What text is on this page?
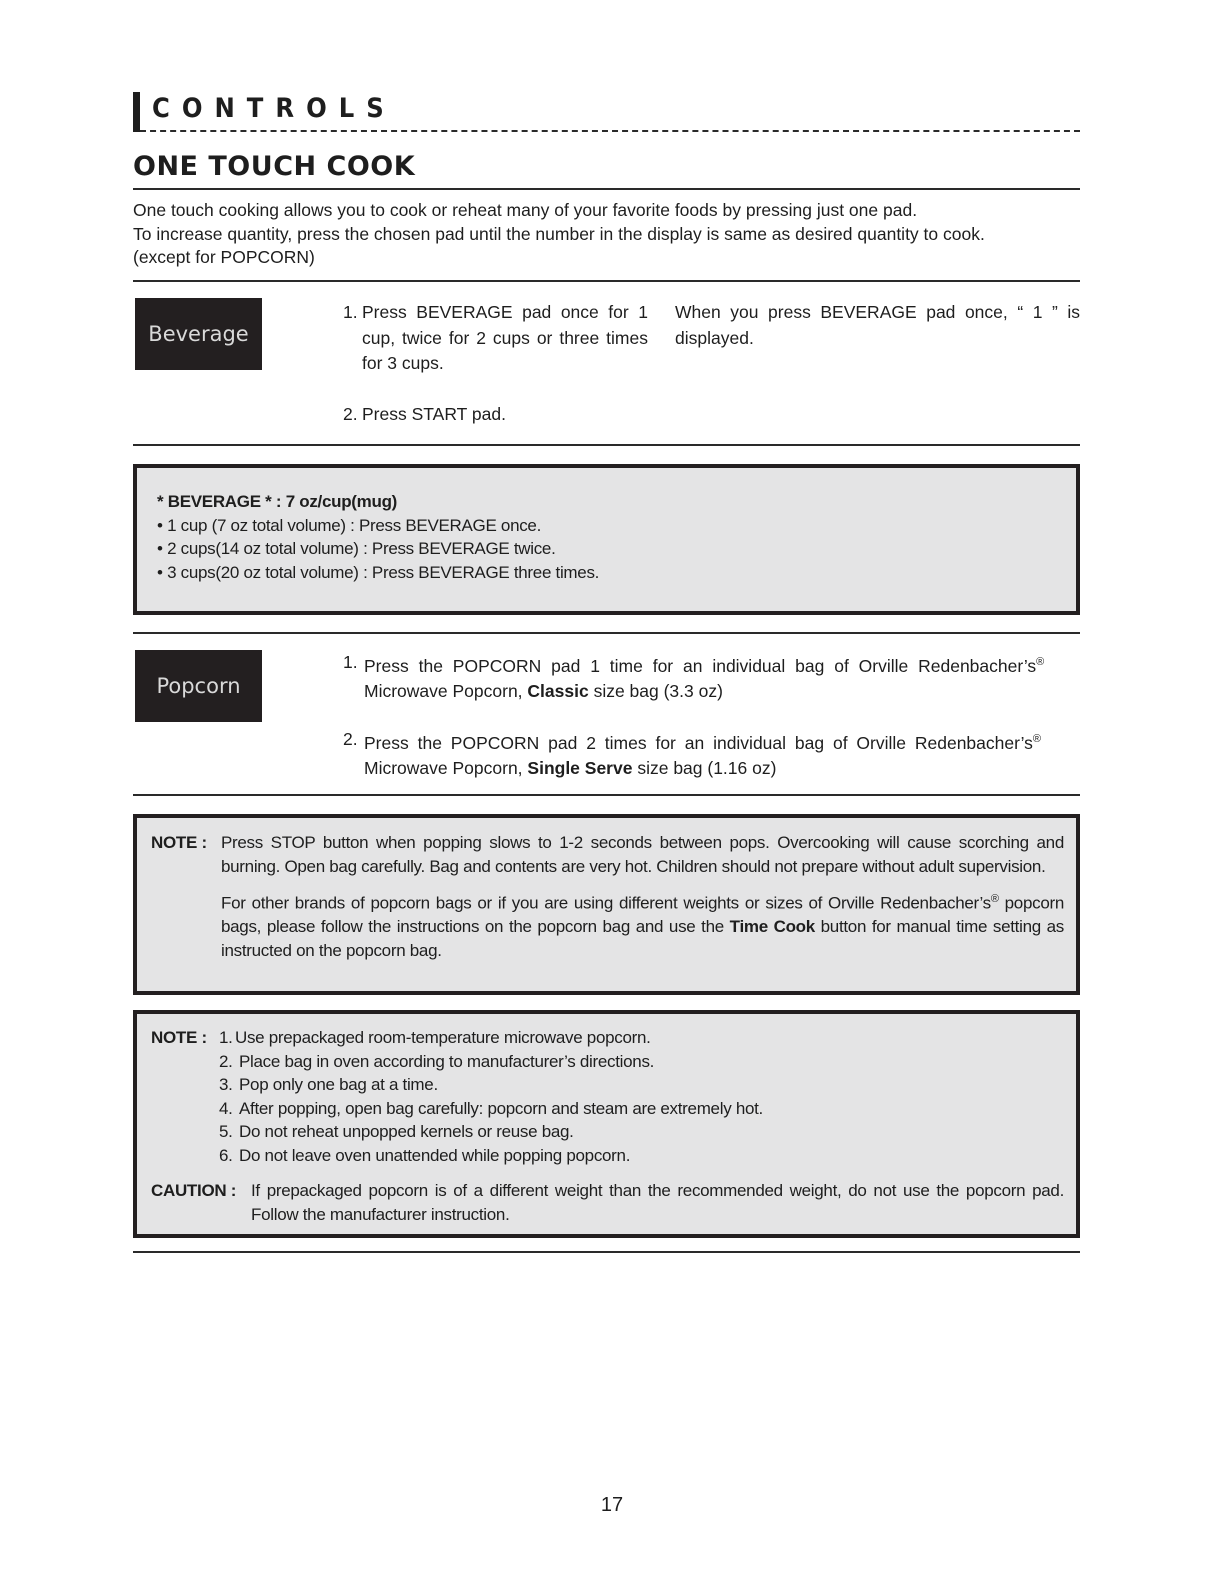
CONTROLS
ONE TOUCH COOK
One touch cooking allows you to cook or reheat many of your favorite foods by pressing just one pad.
To increase quantity, press the chosen pad until the number in the display is same as desired quantity to cook.
(except for POPCORN)
Beverage
1. Press BEVERAGE pad once for 1 cup, twice for 2 cups or three times for 3 cups.
2. Press START pad.
When you press BEVERAGE pad once, “ 1 ” is displayed.
* BEVERAGE * : 7 oz/cup(mug)
• 1 cup (7 oz total volume) : Press BEVERAGE once.
• 2 cups(14 oz total volume) : Press BEVERAGE twice.
• 3 cups(20 oz total volume) : Press BEVERAGE three times.
Popcorn
1. Press the POPCORN pad 1 time for an individual bag of Orville Redenbacher’s®
Microwave Popcorn, Classic size bag (3.3 oz)
2. Press the POPCORN pad 2 times for an individual bag of Orville Redenbacher’s®
Microwave Popcorn, Single Serve size bag (1.16 oz)
NOTE : Press STOP button when popping slows to 1-2 seconds between pops. Overcooking will cause scorching and burning. Open bag carefully. Bag and contents are very hot. Children should not prepare without adult supervision.
For other brands of popcorn bags or if you are using different weights or sizes of Orville Redenbacher’s® popcorn bags, please follow the instructions on the popcorn bag and use the Time Cook button for manual time setting as instructed on the popcorn bag.
NOTE : 1. Use prepackaged room-temperature microwave popcorn.
2. Place bag in oven according to manufacturer’s directions.
3. Pop only one bag at a time.
4. After popping, open bag carefully: popcorn and steam are extremely hot.
5. Do not reheat unpopped kernels or reuse bag.
6. Do not leave oven unattended while popping popcorn.
CAUTION : If prepackaged popcorn is of a different weight than the recommended weight, do not use the popcorn pad. Follow the manufacturer instruction.
17
